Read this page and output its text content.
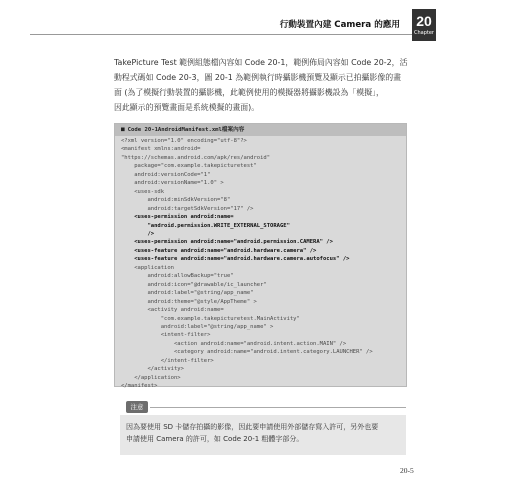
行動裝置內建 Camera 的應用	20
Chapter
TakePicture Test 範例組態檔內容如 Code 20-1，範例佈局內容如 Code 20-2，活
動程式碼如 Code 20-3，圖 20-1 為範例執行時攝影機預覽及顯示已拍攝影像的畫
面 (為了模擬行動裝置的攝影機，此範例使用的模擬器將攝影機設為「模擬」，
因此顯示的預覽畫面是系統模擬的畫面)。
■ Code 20-1AndroidManifest.xml檔案內容
<?xml version="1.0" encoding="utf-8"?>
<manifest xmlns:android=
"https://schemas.android.com/apk/res/android"
package="com.example.takepicturetest"
android:versionCode="1"
android:versionName="1.0" >
<uses-sdk
android:minSdkVersion="8"
android:targetSdkVersion="17" />
<uses-permission android:name=
"android.permission.WRITE_EXTERNAL_STORAGE"
/>
<uses-permission android:name="android.permission.CAMERA" />
<uses-feature android:name="android.hardware.camera" />
<uses-feature android:name="android.hardware.camera.autofocus" />
<application
android:allowBackup="true"
android:icon="@drawable/ic_launcher"
android:label="@string/app_name"
android:theme="@style/AppTheme" >
<activity android:name=
"com.example.takepicturetest.MainActivity"
android:label="@string/app_name" >
<intent-filter>
<action android:name="android.intent.action.MAIN" />
<category android:name="android.intent.category.LAUNCHER" />
</intent-filter>
</activity>
</application>
</manifest>
注意
因為要使用 SD 卡儲存拍攝的影像，因此要申請使用外部儲存寫入許可，另外也要
申請使用 Camera 的許可，如 Code 20-1 粗體字部分。
20-5
